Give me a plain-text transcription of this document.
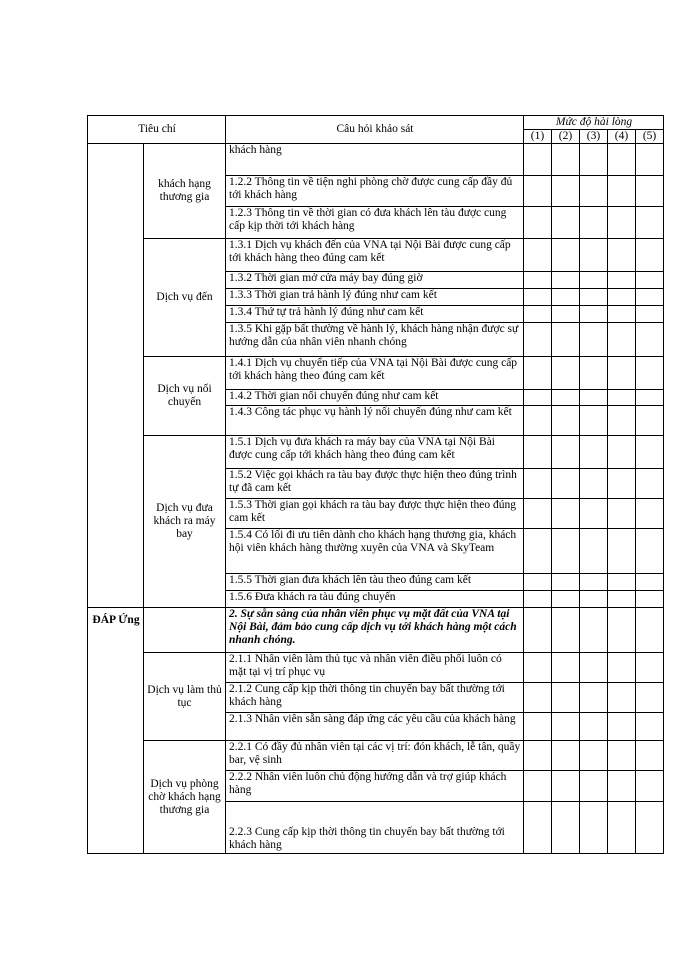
Tiêu chí		Câu hỏi khảo sát	Mức độ hài lòng				
			(1)	(2)	(3)	(4)	(5)
	khách hạng thương gia	khách hàng					
		1.2.2 Thông tin về tiện nghi phòng chờ được cung cấp đầy đủ tới khách hàng					
		1.2.3 Thông tin về thời gian có đưa khách lên tàu được cung cấp kịp thời tới khách hàng					
	Dịch vụ đến	1.3.1 Dịch vụ khách đến của VNA tại Nội Bài được cung cấp tới khách hàng theo đúng cam kết					
		1.3.2 Thời gian mở cửa máy bay đúng giờ					
		1.3.3 Thời gian trả hành lý đúng như cam kết					
		1.3.4 Thứ tự trả hành lý đúng như cam kết					
		1.3.5 Khi gặp bất thường về hành lý, khách hàng nhận được sự hướng dẫn của nhân viên nhanh chóng					
	Dịch vụ nối chuyến	1.4.1 Dịch vụ chuyển tiếp của VNA tại Nội Bài được cung cấp tới khách hàng theo đúng cam kết					
		1.4.2 Thời gian nối chuyến đúng như cam kết					
		1.4.3 Công tác phục vụ hành lý nối chuyến đúng như cam kết					
	Dịch vụ đưa khách ra máy bay	1.5.1 Dịch vụ đưa khách ra máy bay của VNA tại Nội Bài được cung cấp tới khách hàng theo đúng cam kết					
		1.5.2 Việc gọi khách ra tàu bay được thực hiện theo đúng trình tự đã cam kết					
		1.5.3 Thời gian gọi khách ra tàu bay được thực hiện theo đúng cam kết					
		1.5.4 Có lối đi ưu tiên dành cho khách hạng thương gia, khách hội viên khách hàng thường xuyên của VNA và SkyTeam					
		1.5.5 Thời gian đưa khách lên tàu theo đúng cam kết					
		1.5.6 Đưa khách ra tàu đúng chuyến					
ĐÁP Ứng		2. Sự sẵn sàng của nhân viên phục vụ mặt đất của VNA tại Nội Bài, đảm bảo cung cấp dịch vụ tới khách hàng một cách nhanh chóng.					
	Dịch vụ làm thủ tục	2.1.1 Nhân viên làm thủ tục và nhân viên điều phối luôn có mặt tại vị trí phục vụ					
		2.1.2 Cung cấp kịp thời thông tin chuyến bay bất thường tới khách hàng					
		2.1.3 Nhân viên sẵn sàng đáp ứng các yêu cầu của khách hàng					
	Dịch vụ phòng chờ khách hạng thương gia	2.2.1 Có đầy đủ nhân viên tại các vị trí: đón khách, lễ tân, quầy bar, vệ sinh					
		2.2.2 Nhân viên luôn chủ động hướng dẫn và trợ giúp khách hàng					
		2.2.3 Cung cấp kịp thời thông tin chuyến bay bất thường tới khách hàng					
